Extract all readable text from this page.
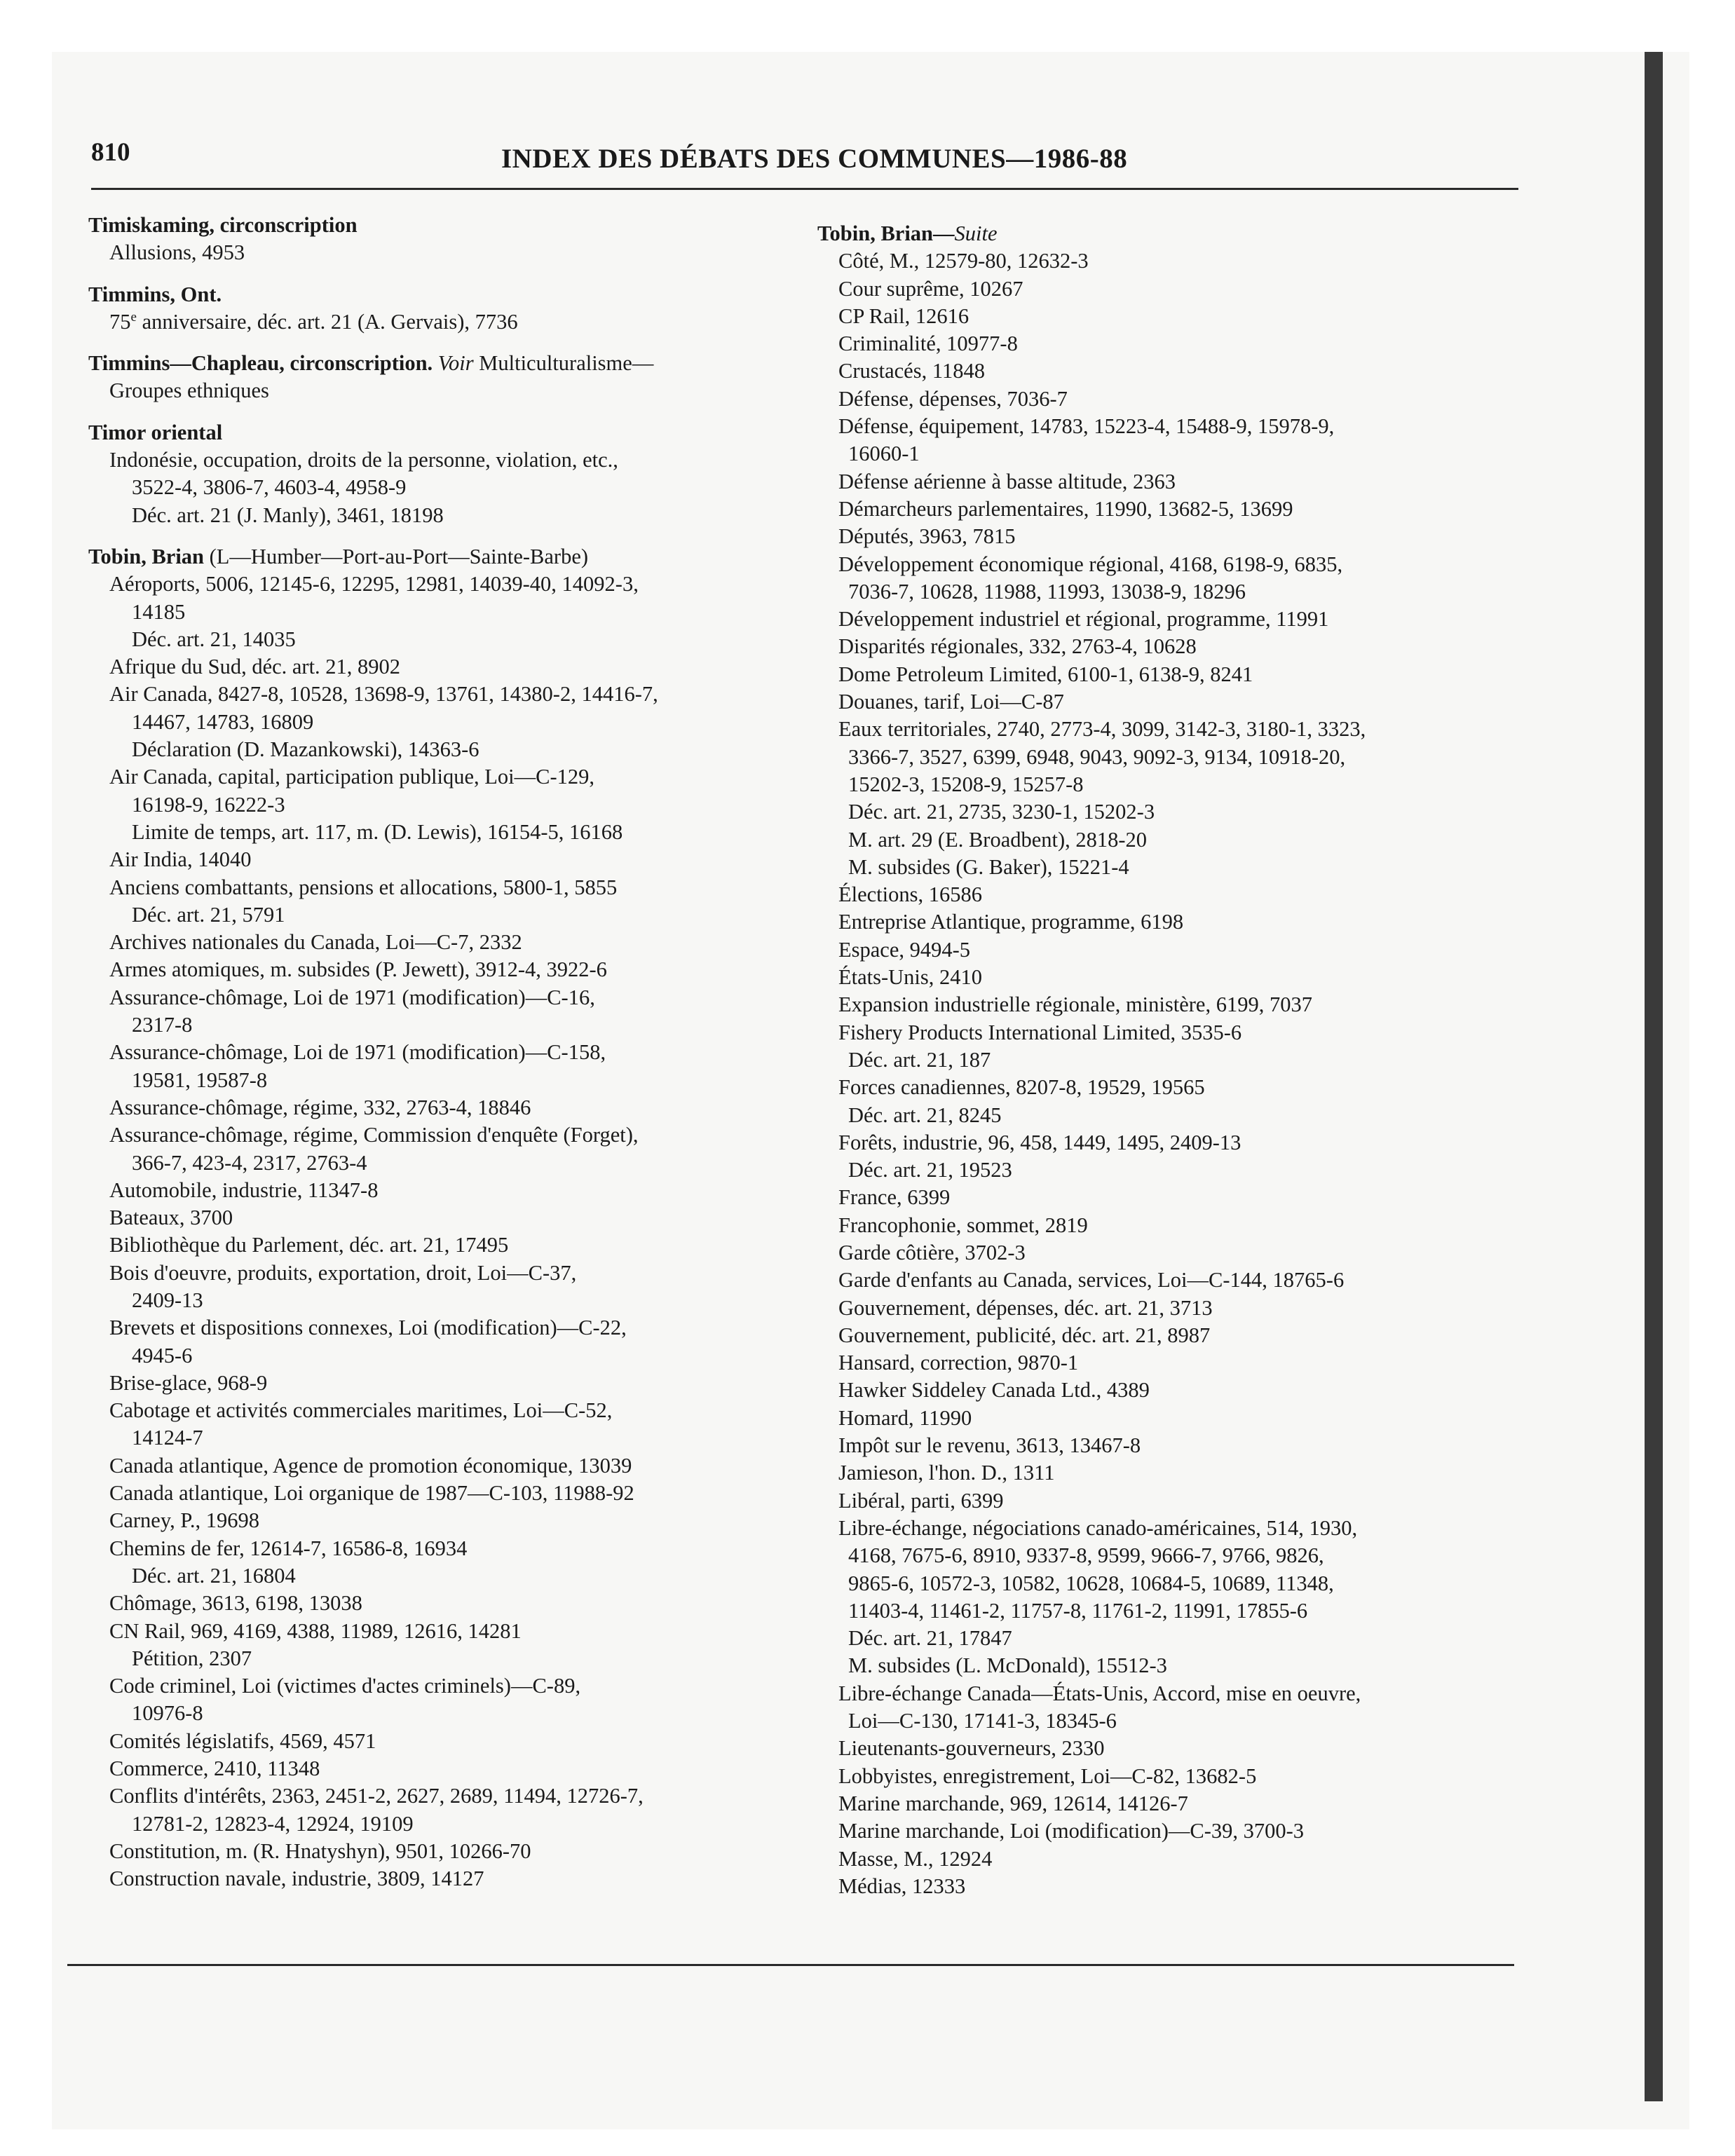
810	INDEX DES DÉBATS DES COMMUNES—1986-88
Timiskaming, circonscription
Allusions, 4953
Timmins, Ont.
75e anniversaire, déc. art. 21 (A. Gervais), 7736
Timmins—Chapleau, circonscription. Voir Multiculturalisme—
Groupes ethniques
Timor oriental
Indonésie, occupation, droits de la personne, violation, etc.,
3522-4, 3806-7, 4603-4, 4958-9
Déc. art. 21 (J. Manly), 3461, 18198
Tobin, Brian (L—Humber—Port-au-Port—Sainte-Barbe)
Aéroports, 5006, 12145-6, 12295, 12981, 14039-40, 14092-3,
14185
Déc. art. 21, 14035
Afrique du Sud, déc. art. 21, 8902
Air Canada, 8427-8, 10528, 13698-9, 13761, 14380-2, 14416-7,
14467, 14783, 16809
Déclaration (D. Mazankowski), 14363-6
Air Canada, capital, participation publique, Loi—C-129,
16198-9, 16222-3
Limite de temps, art. 117, m. (D. Lewis), 16154-5, 16168
Air India, 14040
Anciens combattants, pensions et allocations, 5800-1, 5855
Déc. art. 21, 5791
Archives nationales du Canada, Loi—C-7, 2332
Armes atomiques, m. subsides (P. Jewett), 3912-4, 3922-6
Assurance-chômage, Loi de 1971 (modification)—C-16,
2317-8
Assurance-chômage, Loi de 1971 (modification)—C-158,
19581, 19587-8
Assurance-chômage, régime, 332, 2763-4, 18846
Assurance-chômage, régime, Commission d'enquête (Forget),
366-7, 423-4, 2317, 2763-4
Automobile, industrie, 11347-8
Bateaux, 3700
Bibliothèque du Parlement, déc. art. 21, 17495
Bois d'oeuvre, produits, exportation, droit, Loi—C-37,
2409-13
Brevets et dispositions connexes, Loi (modification)—C-22,
4945-6
Brise-glace, 968-9
Cabotage et activités commerciales maritimes, Loi—C-52,
14124-7
Canada atlantique, Agence de promotion économique, 13039
Canada atlantique, Loi organique de 1987—C-103, 11988-92
Carney, P., 19698
Chemins de fer, 12614-7, 16586-8, 16934
Déc. art. 21, 16804
Chômage, 3613, 6198, 13038
CN Rail, 969, 4169, 4388, 11989, 12616, 14281
Pétition, 2307
Code criminel, Loi (victimes d'actes criminels)—C-89,
10976-8
Comités législatifs, 4569, 4571
Commerce, 2410, 11348
Conflits d'intérêts, 2363, 2451-2, 2627, 2689, 11494, 12726-7,
12781-2, 12823-4, 12924, 19109
Constitution, m. (R. Hnatyshyn), 9501, 10266-70
Construction navale, industrie, 3809, 14127
Tobin, Brian—Suite
Côté, M., 12579-80, 12632-3
Cour suprême, 10267
CP Rail, 12616
Criminalité, 10977-8
Crustacés, 11848
Défense, dépenses, 7036-7
Défense, équipement, 14783, 15223-4, 15488-9, 15978-9,
16060-1
Défense aérienne à basse altitude, 2363
Démarcheurs parlementaires, 11990, 13682-5, 13699
Députés, 3963, 7815
Développement économique régional, 4168, 6198-9, 6835,
7036-7, 10628, 11988, 11993, 13038-9, 18296
Développement industriel et régional, programme, 11991
Disparités régionales, 332, 2763-4, 10628
Dome Petroleum Limited, 6100-1, 6138-9, 8241
Douanes, tarif, Loi—C-87
Eaux territoriales, 2740, 2773-4, 3099, 3142-3, 3180-1, 3323,
3366-7, 3527, 6399, 6948, 9043, 9092-3, 9134, 10918-20,
15202-3, 15208-9, 15257-8
Déc. art. 21, 2735, 3230-1, 15202-3
M. art. 29 (E. Broadbent), 2818-20
M. subsides (G. Baker), 15221-4
Élections, 16586
Entreprise Atlantique, programme, 6198
Espace, 9494-5
États-Unis, 2410
Expansion industrielle régionale, ministère, 6199, 7037
Fishery Products International Limited, 3535-6
Déc. art. 21, 187
Forces canadiennes, 8207-8, 19529, 19565
Déc. art. 21, 8245
Forêts, industrie, 96, 458, 1449, 1495, 2409-13
Déc. art. 21, 19523
France, 6399
Francophonie, sommet, 2819
Garde côtière, 3702-3
Garde d'enfants au Canada, services, Loi—C-144, 18765-6
Gouvernement, dépenses, déc. art. 21, 3713
Gouvernement, publicité, déc. art. 21, 8987
Hansard, correction, 9870-1
Hawker Siddeley Canada Ltd., 4389
Homard, 11990
Impôt sur le revenu, 3613, 13467-8
Jamieson, l'hon. D., 1311
Libéral, parti, 6399
Libre-échange, négociations canado-américaines, 514, 1930,
4168, 7675-6, 8910, 9337-8, 9599, 9666-7, 9766, 9826,
9865-6, 10572-3, 10582, 10628, 10684-5, 10689, 11348,
11403-4, 11461-2, 11757-8, 11761-2, 11991, 17855-6
Déc. art. 21, 17847
M. subsides (L. McDonald), 15512-3
Libre-échange Canada—États-Unis, Accord, mise en oeuvre,
Loi—C-130, 17141-3, 18345-6
Lieutenants-gouverneurs, 2330
Lobbyistes, enregistrement, Loi—C-82, 13682-5
Marine marchande, 969, 12614, 14126-7
Marine marchande, Loi (modification)—C-39, 3700-3
Masse, M., 12924
Médias, 12333
